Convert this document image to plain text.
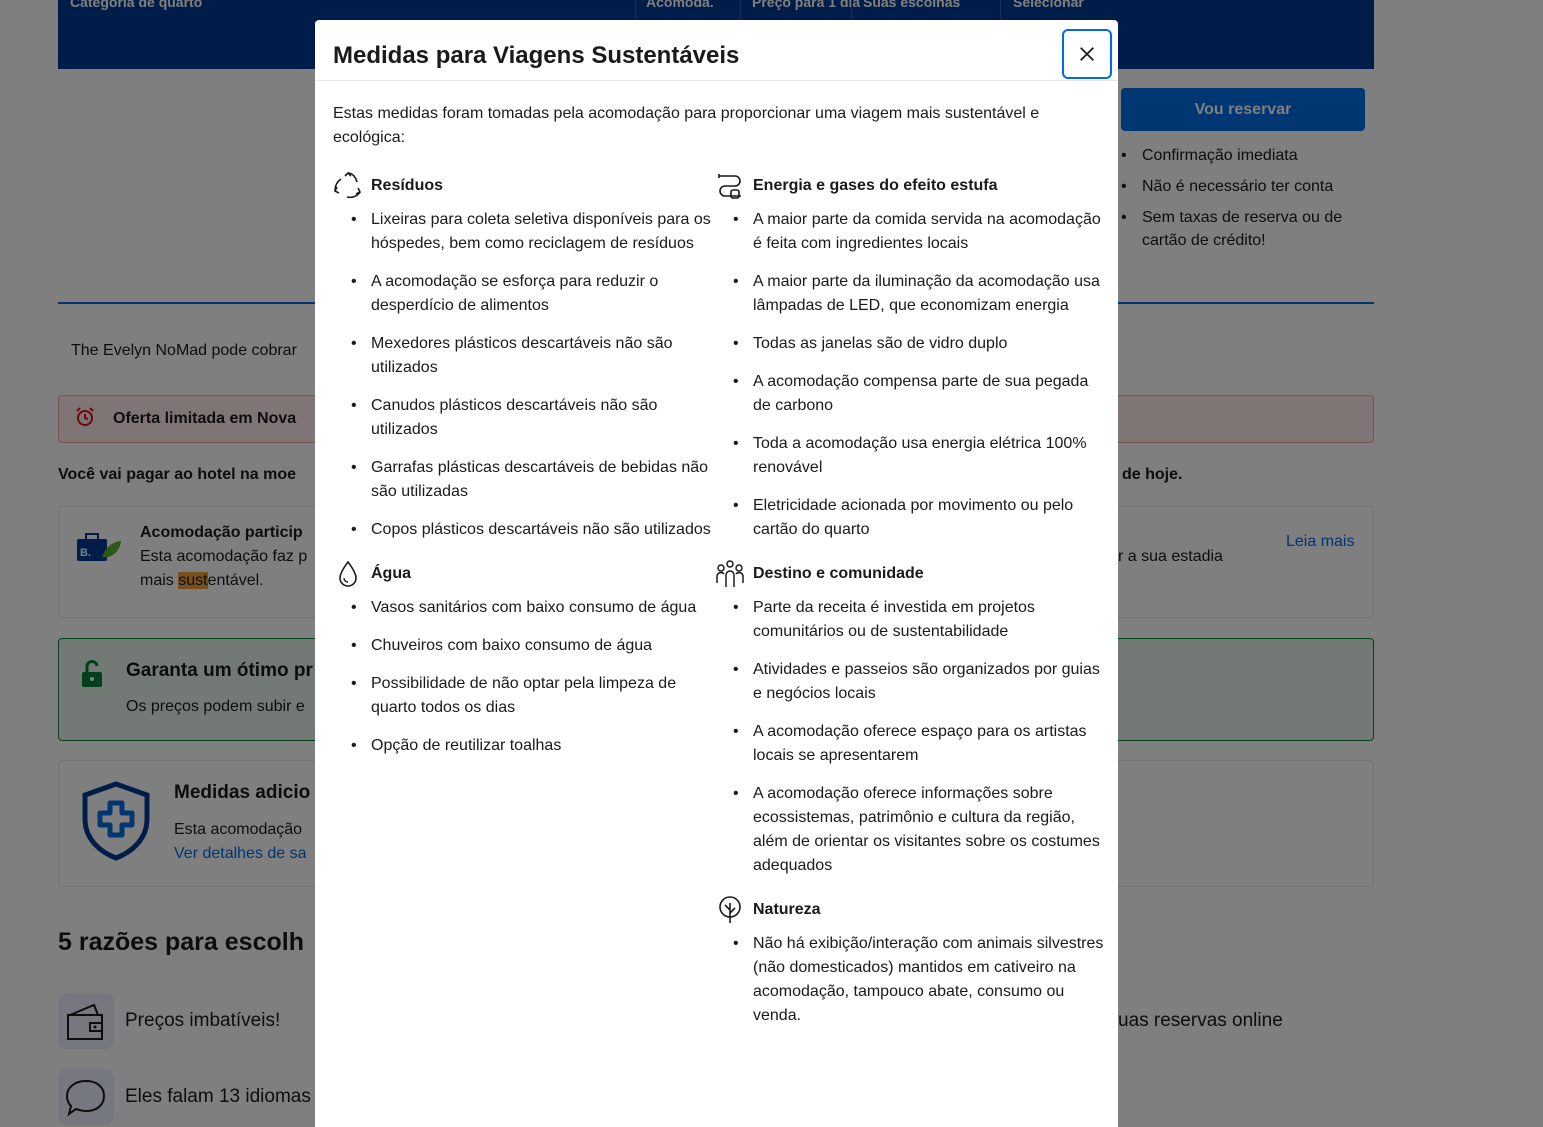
•
•
•
Medidas para Viagens Sustentáveis
Estas medidas foram tomadas pela acomodação para proporcionar uma viagem mais sustentável e ecológica:
Resíduos
• Lixeiras para coleta seletiva disponíveis para os hóspedes, bem como reciclagem de resíduos
• A acomodação se esforça para reduzir o desperdício de alimentos
• Mexedores plásticos descartáveis não são utilizados
• Canudos plásticos descartáveis não são utilizados
• Garrafas plásticas descartáveis de bebidas não são utilizadas
• Copos plásticos descartáveis não são utilizados
Água
• Vasos sanitários com baixo consumo de água
• Chuveiros com baixo consumo de água
• Possibilidade de não optar pela limpeza de quarto todos os dias
• Opção de reutilizar toalhas
Energia e gases do efeito estufa
• A maior parte da comida servida na acomodação é feita com ingredientes locais
• A maior parte da iluminação da acomodação usa lâmpadas de LED, que economizam energia
• Todas as janelas são de vidro duplo
• A acomodação compensa parte de sua pegada de carbono
• Toda a acomodação usa energia elétrica 100% renovável
• Eletricidade acionada por movimento ou pelo cartão do quarto
Destino e comunidade
• Parte da receita é investida em projetos comunitários ou de sustentabilidade
• Atividades e passeios são organizados por guias e negócios locais
• A acomodação oferece espaço para os artistas locais se apresentarem
• A acomodação oferece informações sobre ecossistemas, patrimônio e cultura da região, além de orientar os visitantes sobre os costumes adequados
Natureza
• Não há exibição/interação com animais silvestres (não domesticados) mantidos em cativeiro na acomodação, tampouco abate, consumo ou venda.
